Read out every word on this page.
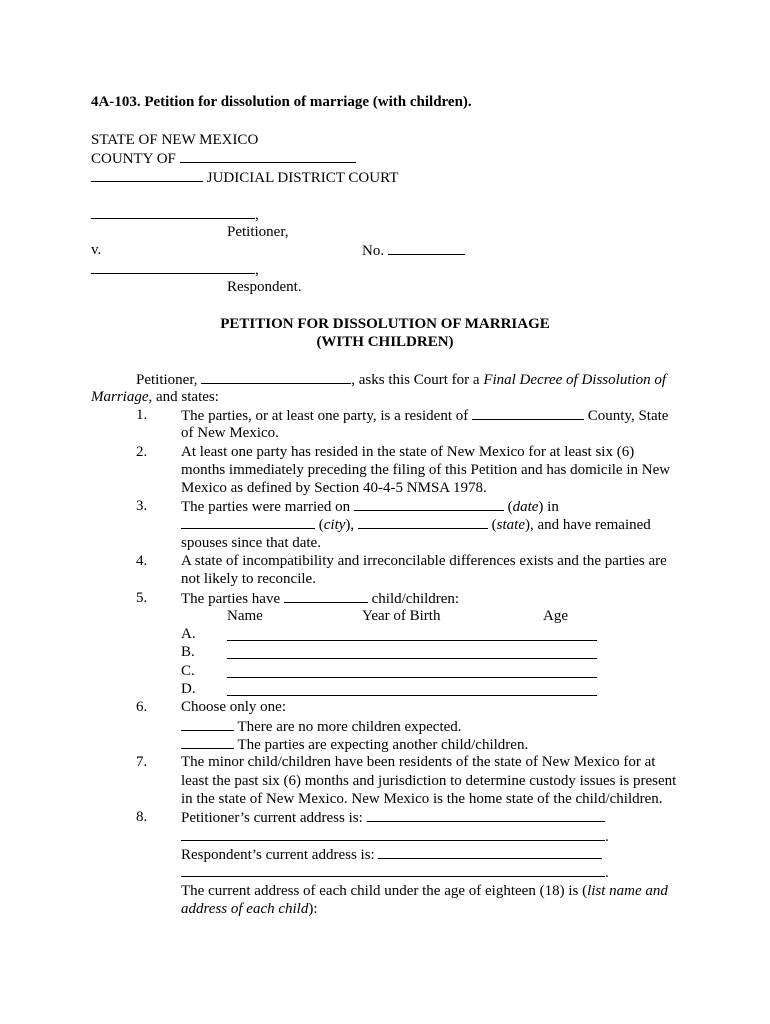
4A-103. Petition for dissolution of marriage (with children).
STATE OF NEW MEXICO
COUNTY OF
JUDICIAL DISTRICT COURT
,
Petitioner,
v.	No.
,
Respondent.
PETITION FOR DISSOLUTION OF MARRIAGE
(WITH CHILDREN)
Petitioner,	, asks this Court for a Final Decree of Dissolution of
Marriage, and states:
1. The parties, or at least one party, is a resident of	County, State
of New Mexico.
2. At least one party has resided in the state of New Mexico for at least six (6)
months immediately preceding the filing of this Petition and has domicile in New
Mexico as defined by Section 40-4-5 NMSA 1978.
3. The parties were married on	(date) in
(city),	(state), and have remained
spouses since that date.
4. A state of incompatibility and irreconcilable differences exists and the parties are
not likely to reconcile.
5. The parties have	child/children:
Name	Year of Birth	Age
A.
B.
C.
D.
6. Choose only one:
There are no more children expected.
The parties are expecting another child/children.
7. The minor child/children have been residents of the state of New Mexico for at
least the past six (6) months and jurisdiction to determine custody issues is present
in the state of New Mexico. New Mexico is the home state of the child/children.
8. Petitioner’s current address is:
.
Respondent’s current address is:
.
The current address of each child under the age of eighteen (18) is (list name and
address of each child):
